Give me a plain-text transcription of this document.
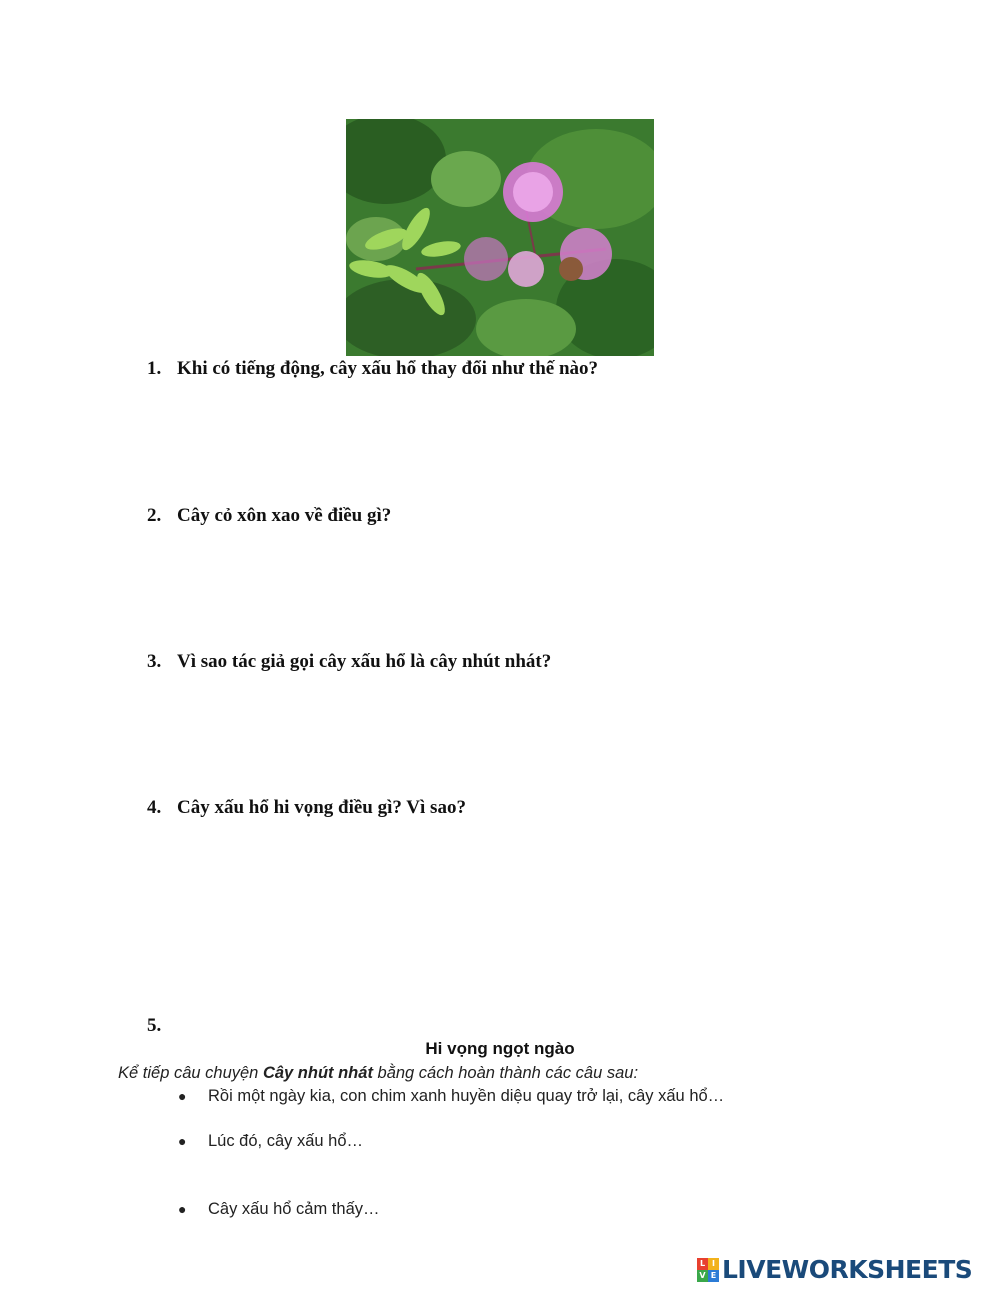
1. Khi có tiếng động, cây xấu hổ thay đổi như thế nào?
2. Cây cỏ xôn xao về điều gì?
3. Vì sao tác giả gọi cây xấu hổ là cây nhút nhát?
4. Cây xấu hổ hi vọng điều gì? Vì sao?
5.
Hi vọng ngọt ngào
Kể tiếp câu chuyện Cây nhút nhát bằng cách hoàn thành các câu sau:
● Rồi một ngày kia, con chim xanh huyền diệu quay trở lại, cây xấu hổ…
● Lúc đó, cây xấu hổ…
● Cây xấu hổ cảm thấy…
L I
V E LIVEWORKSHEETS
